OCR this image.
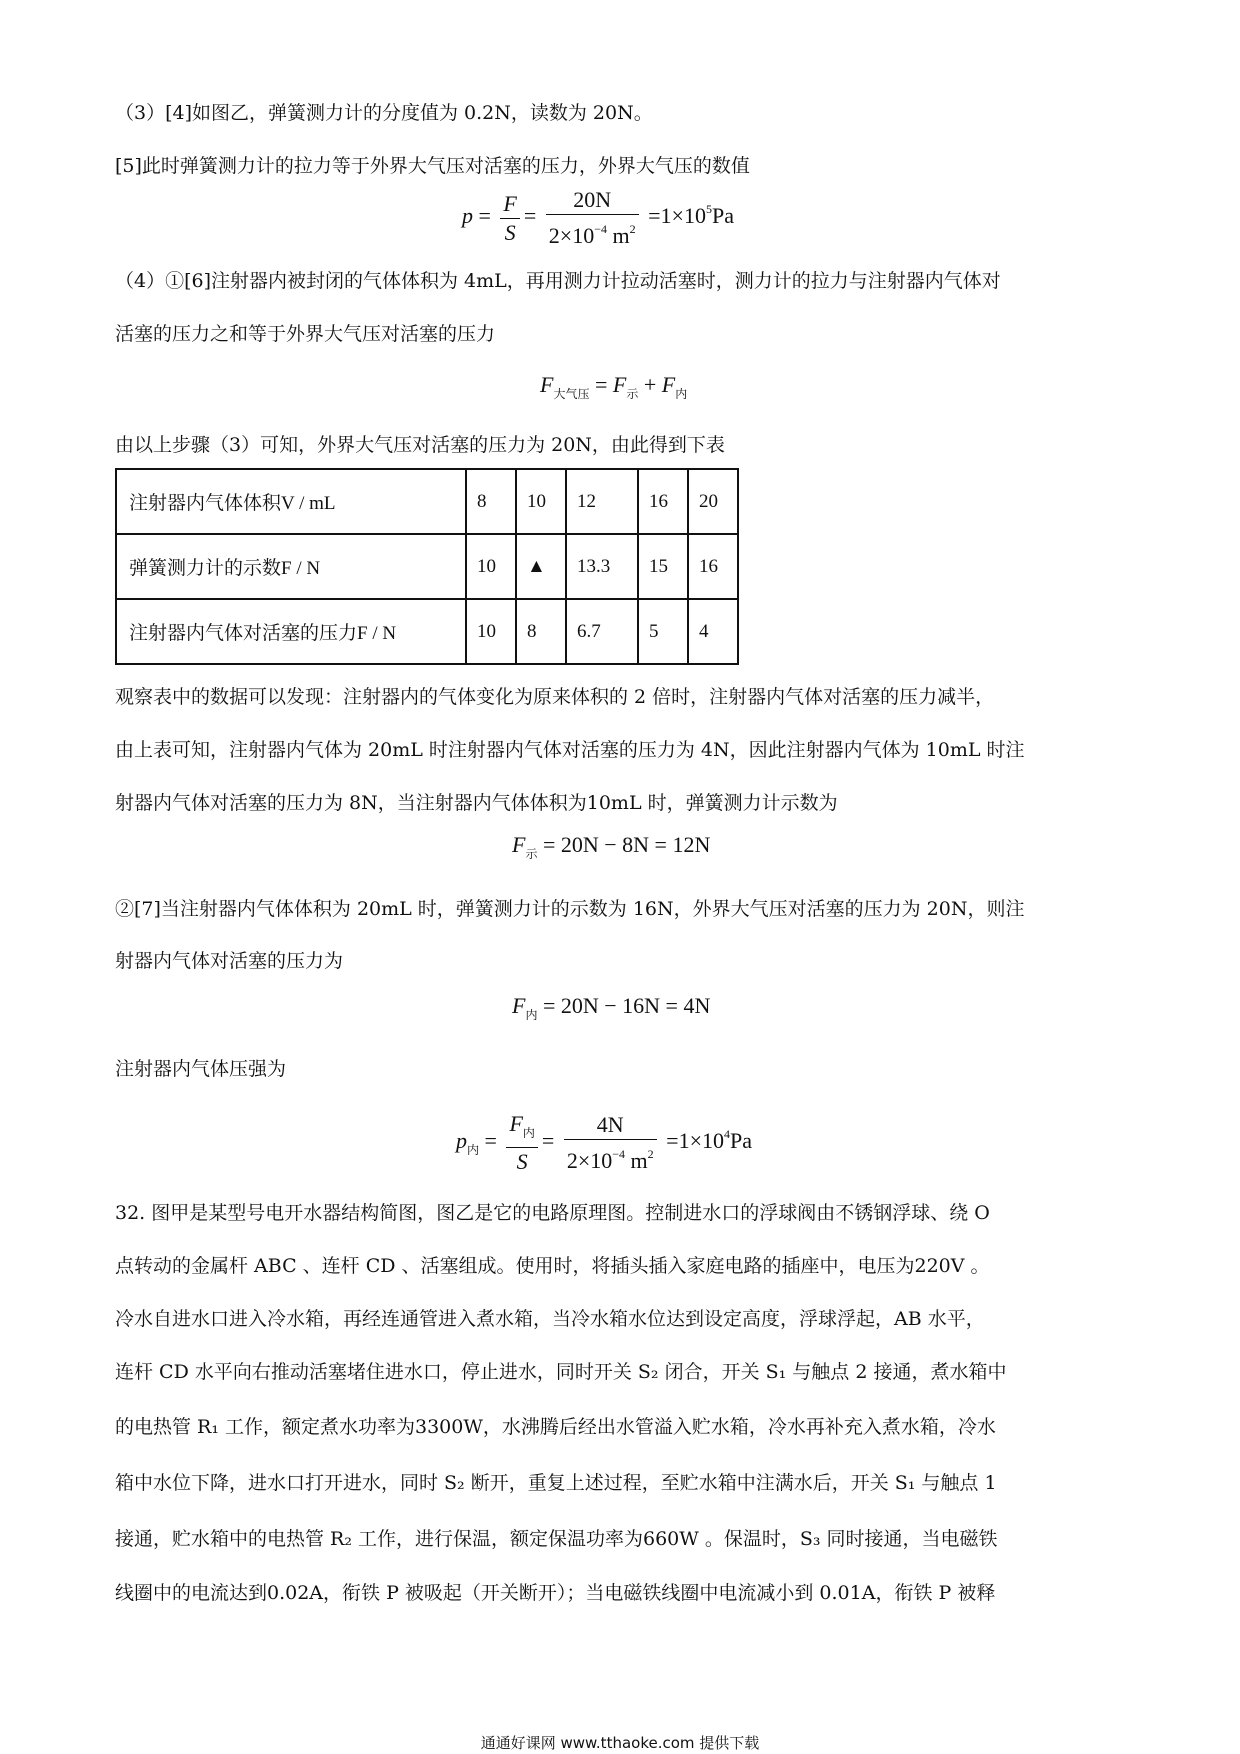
（3）[4]如图乙，弹簧测力计的分度值为 0.2N，读数为 20N。
[5]此时弹簧测力计的拉力等于外界大气压对活塞的压力，外界大气压的数值
$p = \frac{F}{S} = \frac{20N}{2\times 10^{-4} m^2} =1\times 10^5Pa$
（4）①[6]注射器内被封闭的气体体积为 4mL，再用测力计拉动活塞时，测力计的拉力与注射器内气体对
活塞的压力之和等于外界大气压对活塞的压力
$F_{大气压} = F_示 + F_内$
由以上步骤（3）可知，外界大气压对活塞的压力为 20N，由此得到下表
注射器内气体体积V / mL	8	10	12	16	20
弹簧测力计的示数F / N	10	▲	13.3	15	16
注射器内气体对活塞的压力F / N	10	8	6.7	5	4
观察表中的数据可以发现：注射器内的气体变化为原来体积的 2 倍时，注射器内气体对活塞的压力减半，
由上表可知，注射器内气体为 20mL 时注射器内气体对活塞的压力为 4N，因此注射器内气体为 10mL 时注
射器内气体对活塞的压力为 8N，当注射器内气体体积为10mL 时，弹簧测力计示数为
$F_示 = 20N - 8N = 12N$
②[7]当注射器内气体体积为 20mL 时，弹簧测力计的示数为 16N，外界大气压对活塞的压力为 20N，则注
射器内气体对活塞的压力为
$F_内 = 20N - 16N = 4N$
注射器内气体压强为
$p_内 = \frac{F_内}{S} = \frac{4N}{2\times 10^{-4} m^2} =1\times 10^4Pa$
32. 图甲是某型号电开水器结构简图，图乙是它的电路原理图。控制进水口的浮球阀由不锈钢浮球、绕 O
点转动的金属杆 ABC 、连杆 CD 、活塞组成。使用时，将插头插入家庭电路的插座中，电压为220V 。
冷水自进水口进入冷水箱，再经连通管进入煮水箱，当冷水箱水位达到设定高度，浮球浮起，AB 水平，
连杆 CD 水平向右推动活塞堵住进水口，停止进水，同时开关 S₂ 闭合，开关 S₁ 与触点 2 接通，煮水箱中
的电热管 R₁ 工作，额定煮水功率为3300W，水沸腾后经出水管溢入贮水箱，冷水再补充入煮水箱，冷水
箱中水位下降，进水口打开进水，同时 S₂ 断开，重复上述过程，至贮水箱中注满水后，开关 S₁ 与触点 1
接通，贮水箱中的电热管 R₂ 工作，进行保温，额定保温功率为660W 。保温时，S₃ 同时接通，当电磁铁
线圈中的电流达到0.02A，衔铁 P 被吸起（开关断开）；当电磁铁线圈中电流减小到 0.01A，衔铁 P 被释
通通好课网 www.tthaoke.com 提供下载
